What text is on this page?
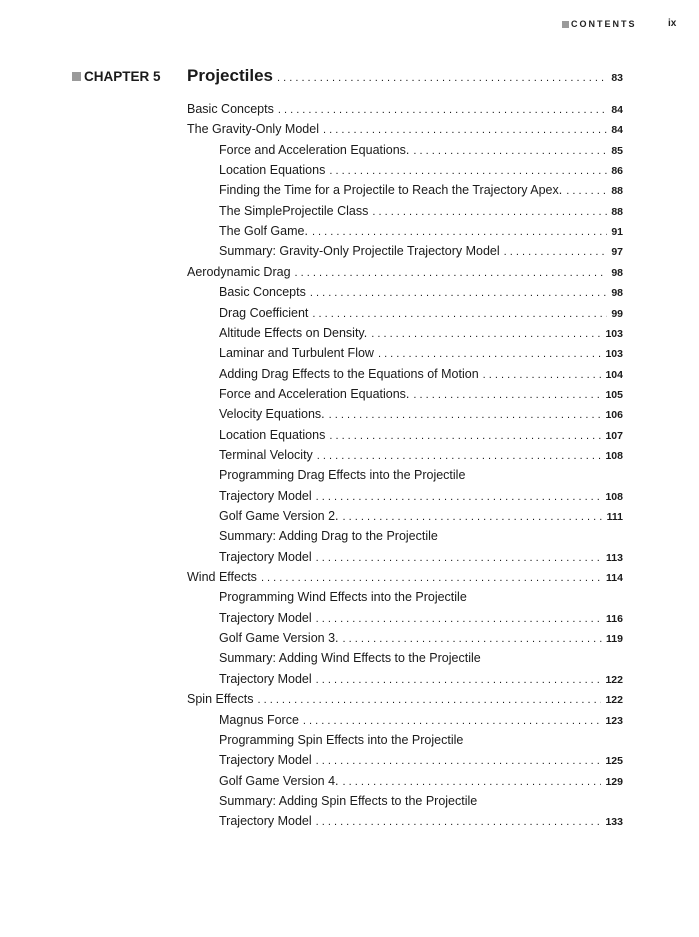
CONTENTS	ix
CHAPTER 5 Projectiles . . .	83
Basic Concepts . . .	84
The Gravity-Only Model . . .	84
Force and Acceleration Equations. . . .	85
Location Equations . . .	86
Finding the Time for a Projectile to Reach the Trajectory Apex. . . .	88
The SimpleProjectile Class . . .	88
The Golf Game. . . .	91
Summary: Gravity-Only Projectile Trajectory Model . . .	97
Aerodynamic Drag . . .	98
Basic Concepts . . .	98
Drag Coefficient . . .	99
Altitude Effects on Density. . . .	103
Laminar and Turbulent Flow . . .	103
Adding Drag Effects to the Equations of Motion . . .	104
Force and Acceleration Equations. . . .	105
Velocity Equations. . . .	106
Location Equations . . .	107
Terminal Velocity . . .	108
Programming Drag Effects into the Projectile
Trajectory Model . . .	108
Golf Game Version 2. . . .	111
Summary: Adding Drag to the Projectile
Trajectory Model . . .	113
Wind Effects . . .	114
Programming Wind Effects into the Projectile
Trajectory Model . . .	116
Golf Game Version 3. . . .	119
Summary: Adding Wind Effects to the Projectile
Trajectory Model . . .	122
Spin Effects . . .	122
Magnus Force . . .	123
Programming Spin Effects into the Projectile
Trajectory Model . . .	125
Golf Game Version 4. . . .	129
Summary: Adding Spin Effects to the Projectile
Trajectory Model . . .	133
